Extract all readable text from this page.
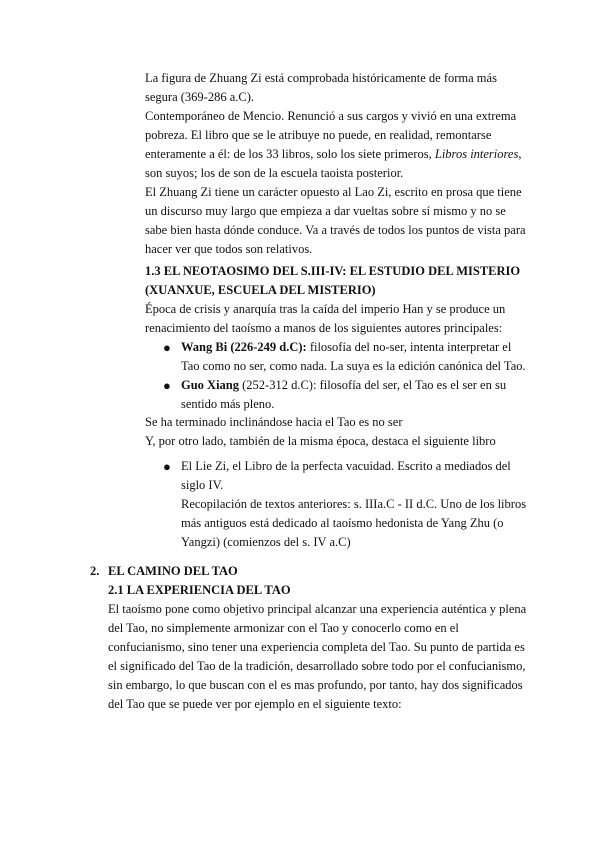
La figura de Zhuang Zi está comprobada históricamente de forma más segura (369-286 a.C).

Contemporáneo de Mencio. Renunció a sus cargos y vivió en una extrema pobreza. El libro que se le atribuye no puede, en realidad, remontarse enteramente a él: de los 33 libros, solo los siete primeros, Libros interiores, son suyos; los de son de la escuela taoista posterior.

El Zhuang Zi tiene un carácter opuesto al Lao Zi, escrito en prosa que tiene un discurso muy largo que empieza a dar vueltas sobre sí mismo y no se sabe bien hasta dónde conduce. Va a través de todos los puntos de vista para hacer ver que todos son relativos.

1.3 EL NEOTAOSIMO DEL S.III-IV: EL ESTUDIO DEL MISTERIO (XUANXUE, ESCUELA DEL MISTERIO)

Época de crisis y anarquía tras la caída del imperio Han y se produce un renacimiento del taoísmo a manos de los siguientes autores principales:

● Wang Bi (226-249 d.C): filosofía del no-ser, intenta interpretar el Tao como no ser, como nada. La suya es la edición canónica del Tao.
● Guo Xiang (252-312 d.C): filosofía del ser, el Tao es el ser en su sentido más pleno.

Se ha terminado inclinándose hacia el Tao es no ser

Y, por otro lado, también de la misma época, destaca el siguiente libro

● El Lie Zi, el Libro de la perfecta vacuidad. Escrito a mediados del siglo IV.
Recopilación de textos anteriores: s. IIIa.C - II d.C. Uno de los libros más antiguos está dedicado al taoísmo hedonista de Yang Zhu (o Yangzi) (comienzos del s. IV a.C)
2. EL CAMINO DEL TAO

2.1 LA EXPERIENCIA DEL TAO

El taoísmo pone como objetivo principal alcanzar una experiencia auténtica y plena del Tao, no simplemente armonizar con el Tao y conocerlo como en el confucianismo, sino tener una experiencia completa del Tao. Su punto de partida es el significado del Tao de la tradición, desarrollado sobre todo por el confucianismo, sin embargo, lo que buscan con el es mas profundo, por tanto, hay dos significados del Tao que se puede ver por ejemplo en el siguiente texto:
